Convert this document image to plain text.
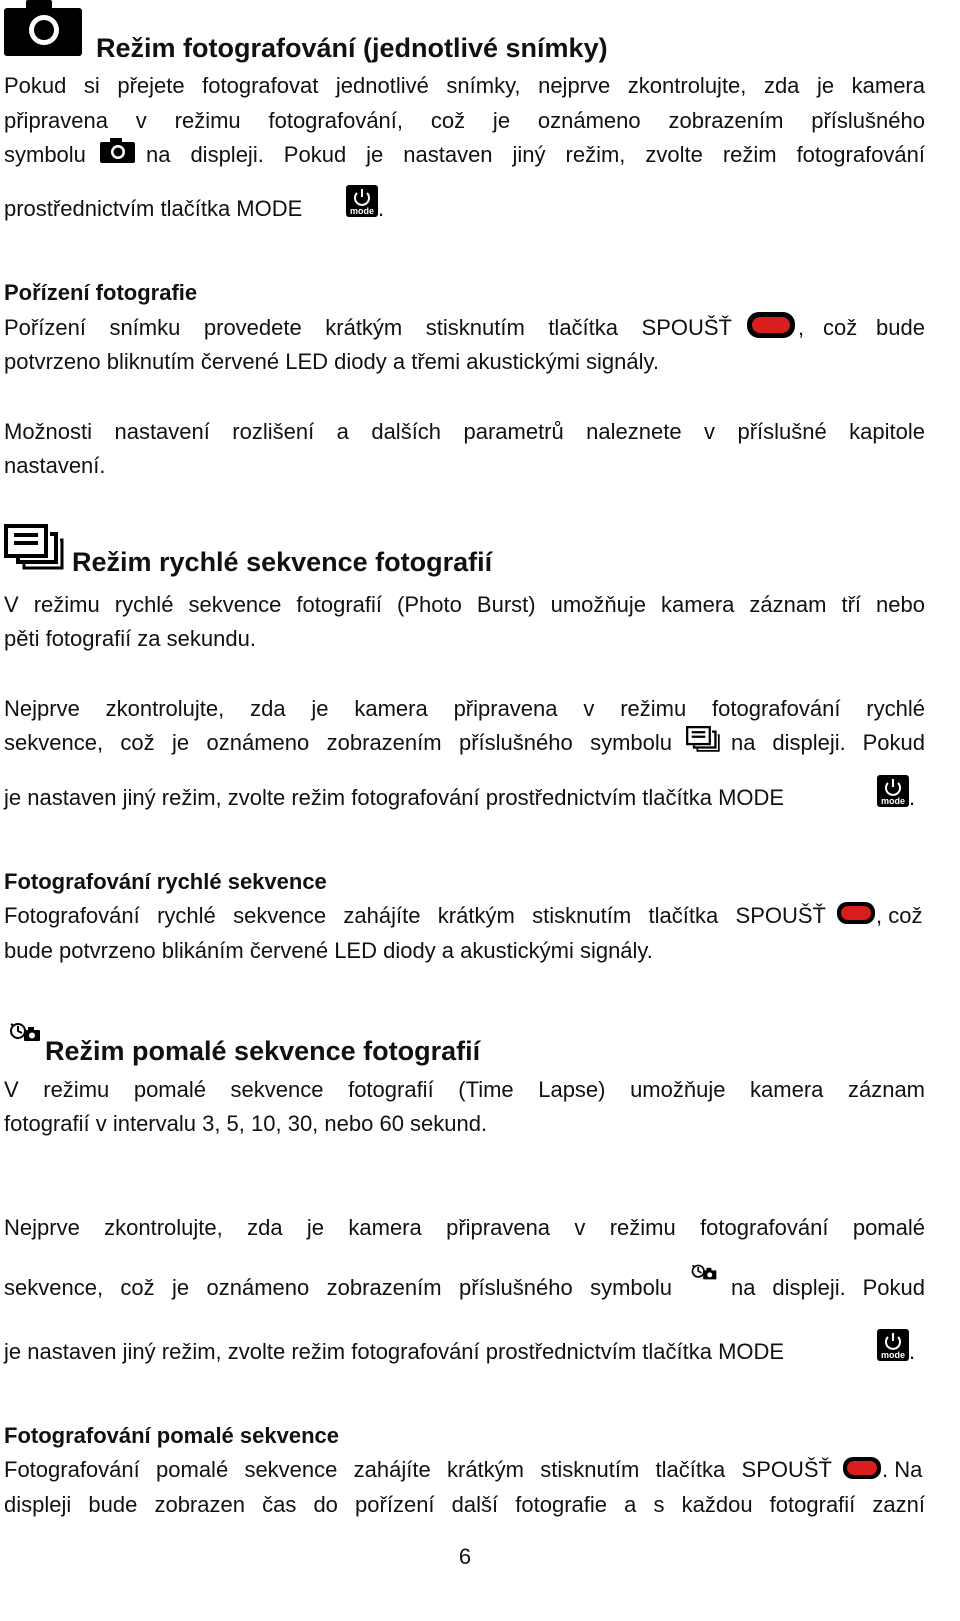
Režim fotografování (jednotlivé snímky)
Pokud si přejete fotografovat jednotlivé snímky, nejprve zkontrolujte, zda je kamera
připravena v režimu fotografování, což je oznámeno zobrazením příslušného
symbolu	na displeji. Pokud je nastaven jiný režim, zvolte režim fotografování
prostřednictvím tlačítka MODE	mode .
Pořízení fotografie
Pořízení snímku provedete krátkým stisknutím tlačítka SPOUŠŤ	, což bude
potvrzeno bliknutím červené LED diody a třemi akustickými signály.
Možnosti nastavení rozlišení a dalších parametrů naleznete v příslušné kapitole
nastavení.
Režim rychlé sekvence fotografií
V režimu rychlé sekvence fotografií (Photo Burst) umožňuje kamera záznam tří nebo
pěti fotografií za sekundu.
Nejprve zkontrolujte, zda je kamera připravena v režimu fotografování rychlé
sekvence, což je oznámeno zobrazením příslušného symbolu	na displeji. Pokud
je nastaven jiný režim, zvolte režim fotografování prostřednictvím tlačítka MODE	mode .
Fotografování rychlé sekvence
Fotografování rychlé sekvence zahájíte krátkým stisknutím tlačítka SPOUŠŤ , což
bude potvrzeno blikáním červené LED diody a akustickými signály.
Režim pomalé sekvence fotografií
V režimu pomalé sekvence fotografií (Time Lapse) umožňuje kamera záznam
fotografií v intervalu 3, 5, 10, 30, nebo 60 sekund.
Nejprve zkontrolujte, zda je kamera připravena v režimu fotografování pomalé
sekvence, což je oznámeno zobrazením příslušného symbolu	na displeji. Pokud
je nastaven jiný režim, zvolte režim fotografování prostřednictvím tlačítka MODE	mode .
Fotografování pomalé sekvence
Fotografování pomalé sekvence zahájíte krátkým stisknutím tlačítka SPOUŠŤ . Na
displeji bude zobrazen čas do pořízení další fotografie a s každou fotografií zazní
6
